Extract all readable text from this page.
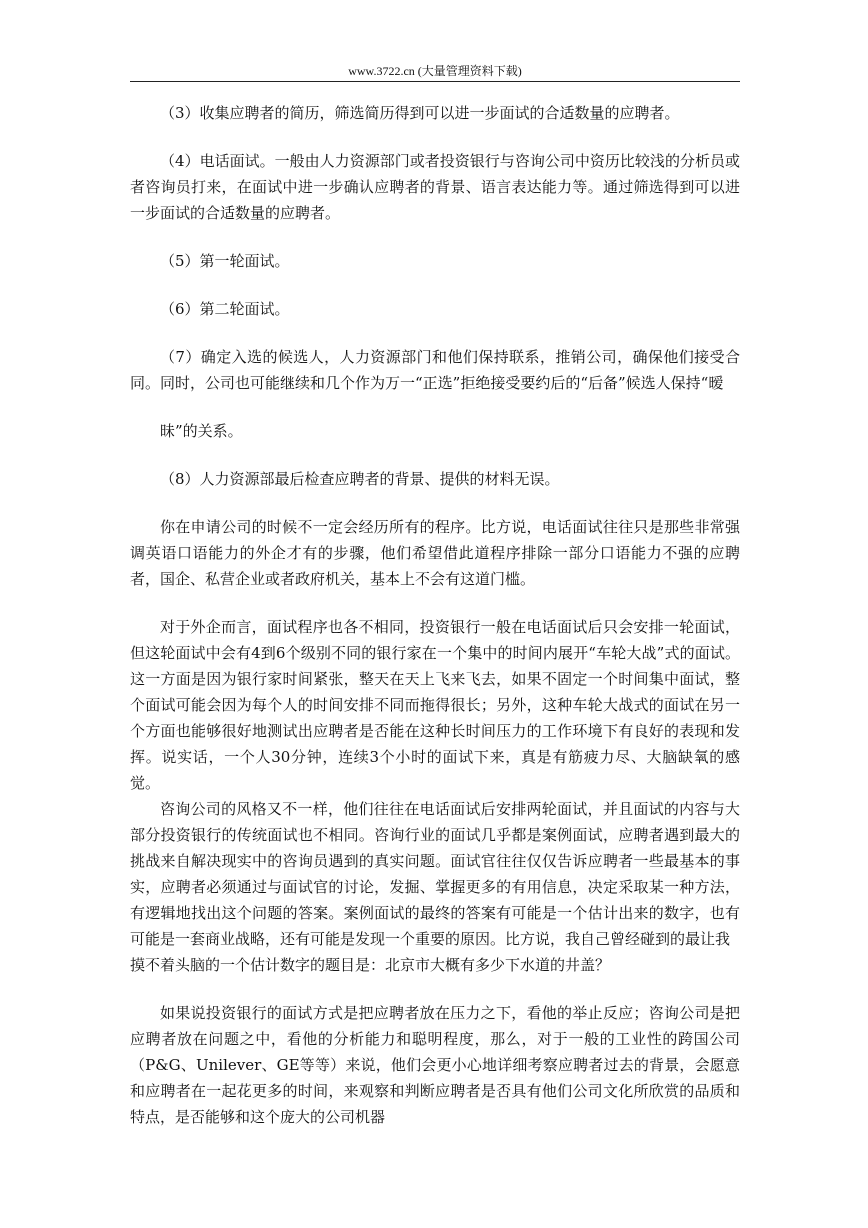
www.3722.cn (大量管理资料下载)

（3）收集应聘者的简历，筛选简历得到可以进一步面试的合适数量的应聘者。

（4）电话面试。一般由人力资源部门或者投资银行与咨询公司中资历比较浅的分析员或者咨询员打来，在面试中进一步确认应聘者的背景、语言表达能力等。通过筛选得到可以进一步面试的合适数量的应聘者。

（5）第一轮面试。

（6）第二轮面试。

（7）确定入选的候选人，人力资源部门和他们保持联系，推销公司，确保他们接受合同。同时，公司也可能继续和几个作为万一“正选”拒绝接受要约后的“后备”候选人保持“暧

昧”的关系。

（8）人力资源部最后检查应聘者的背景、提供的材料无误。

你在申请公司的时候不一定会经历所有的程序。比方说，电话面试往往只是那些非常强调英语口语能力的外企才有的步骤，他们希望借此道程序排除一部分口语能力不强的应聘者，国企、私营企业或者政府机关，基本上不会有这道门槛。

对于外企而言，面试程序也各不相同，投资银行一般在电话面试后只会安排一轮面试，但这轮面试中会有4到6个级别不同的银行家在一个集中的时间内展开“车轮大战”式的面试。这一方面是因为银行家时间紧张，整天在天上飞来飞去，如果不固定一个时间集中面试，整个面试可能会因为每个人的时间安排不同而拖得很长；另外，这种车轮大战式的面试在另一个方面也能够很好地测试出应聘者是否能在这种长时间压力的工作环境下有良好的表现和发挥。说实话，一个人30分钟，连续3个小时的面试下来，真是有筋疲力尽、大脑缺氧的感觉。

咨询公司的风格又不一样，他们往往在电话面试后安排两轮面试，并且面试的内容与大部分投资银行的传统面试也不相同。咨询行业的面试几乎都是案例面试，应聘者遇到最大的挑战来自解决现实中的咨询员遇到的真实问题。面试官往往仅仅告诉应聘者一些最基本的事实，应聘者必须通过与面试官的讨论，发掘、掌握更多的有用信息，决定采取某一种方法，有逻辑地找出这个问题的答案。案例面试的最终的答案有可能是一个估计出来的数字，也有可能是一套商业战略，还有可能是发现一个重要的原因。比方说，我自己曾经碰到的最让我

摸不着头脑的一个估计数字的题目是：北京市大概有多少下水道的井盖？

如果说投资银行的面试方式是把应聘者放在压力之下，看他的举止反应；咨询公司是把应聘者放在问题之中，看他的分析能力和聪明程度，那么，对于一般的工业性的跨国公司（P&G、Unilever、GE等等）来说，他们会更小心地详细考察应聘者过去的背景，会愿意和应聘者在一起花更多的时间，来观察和判断应聘者是否具有他们公司文化所欣赏的品质和特点，是否能够和这个庞大的公司机器
